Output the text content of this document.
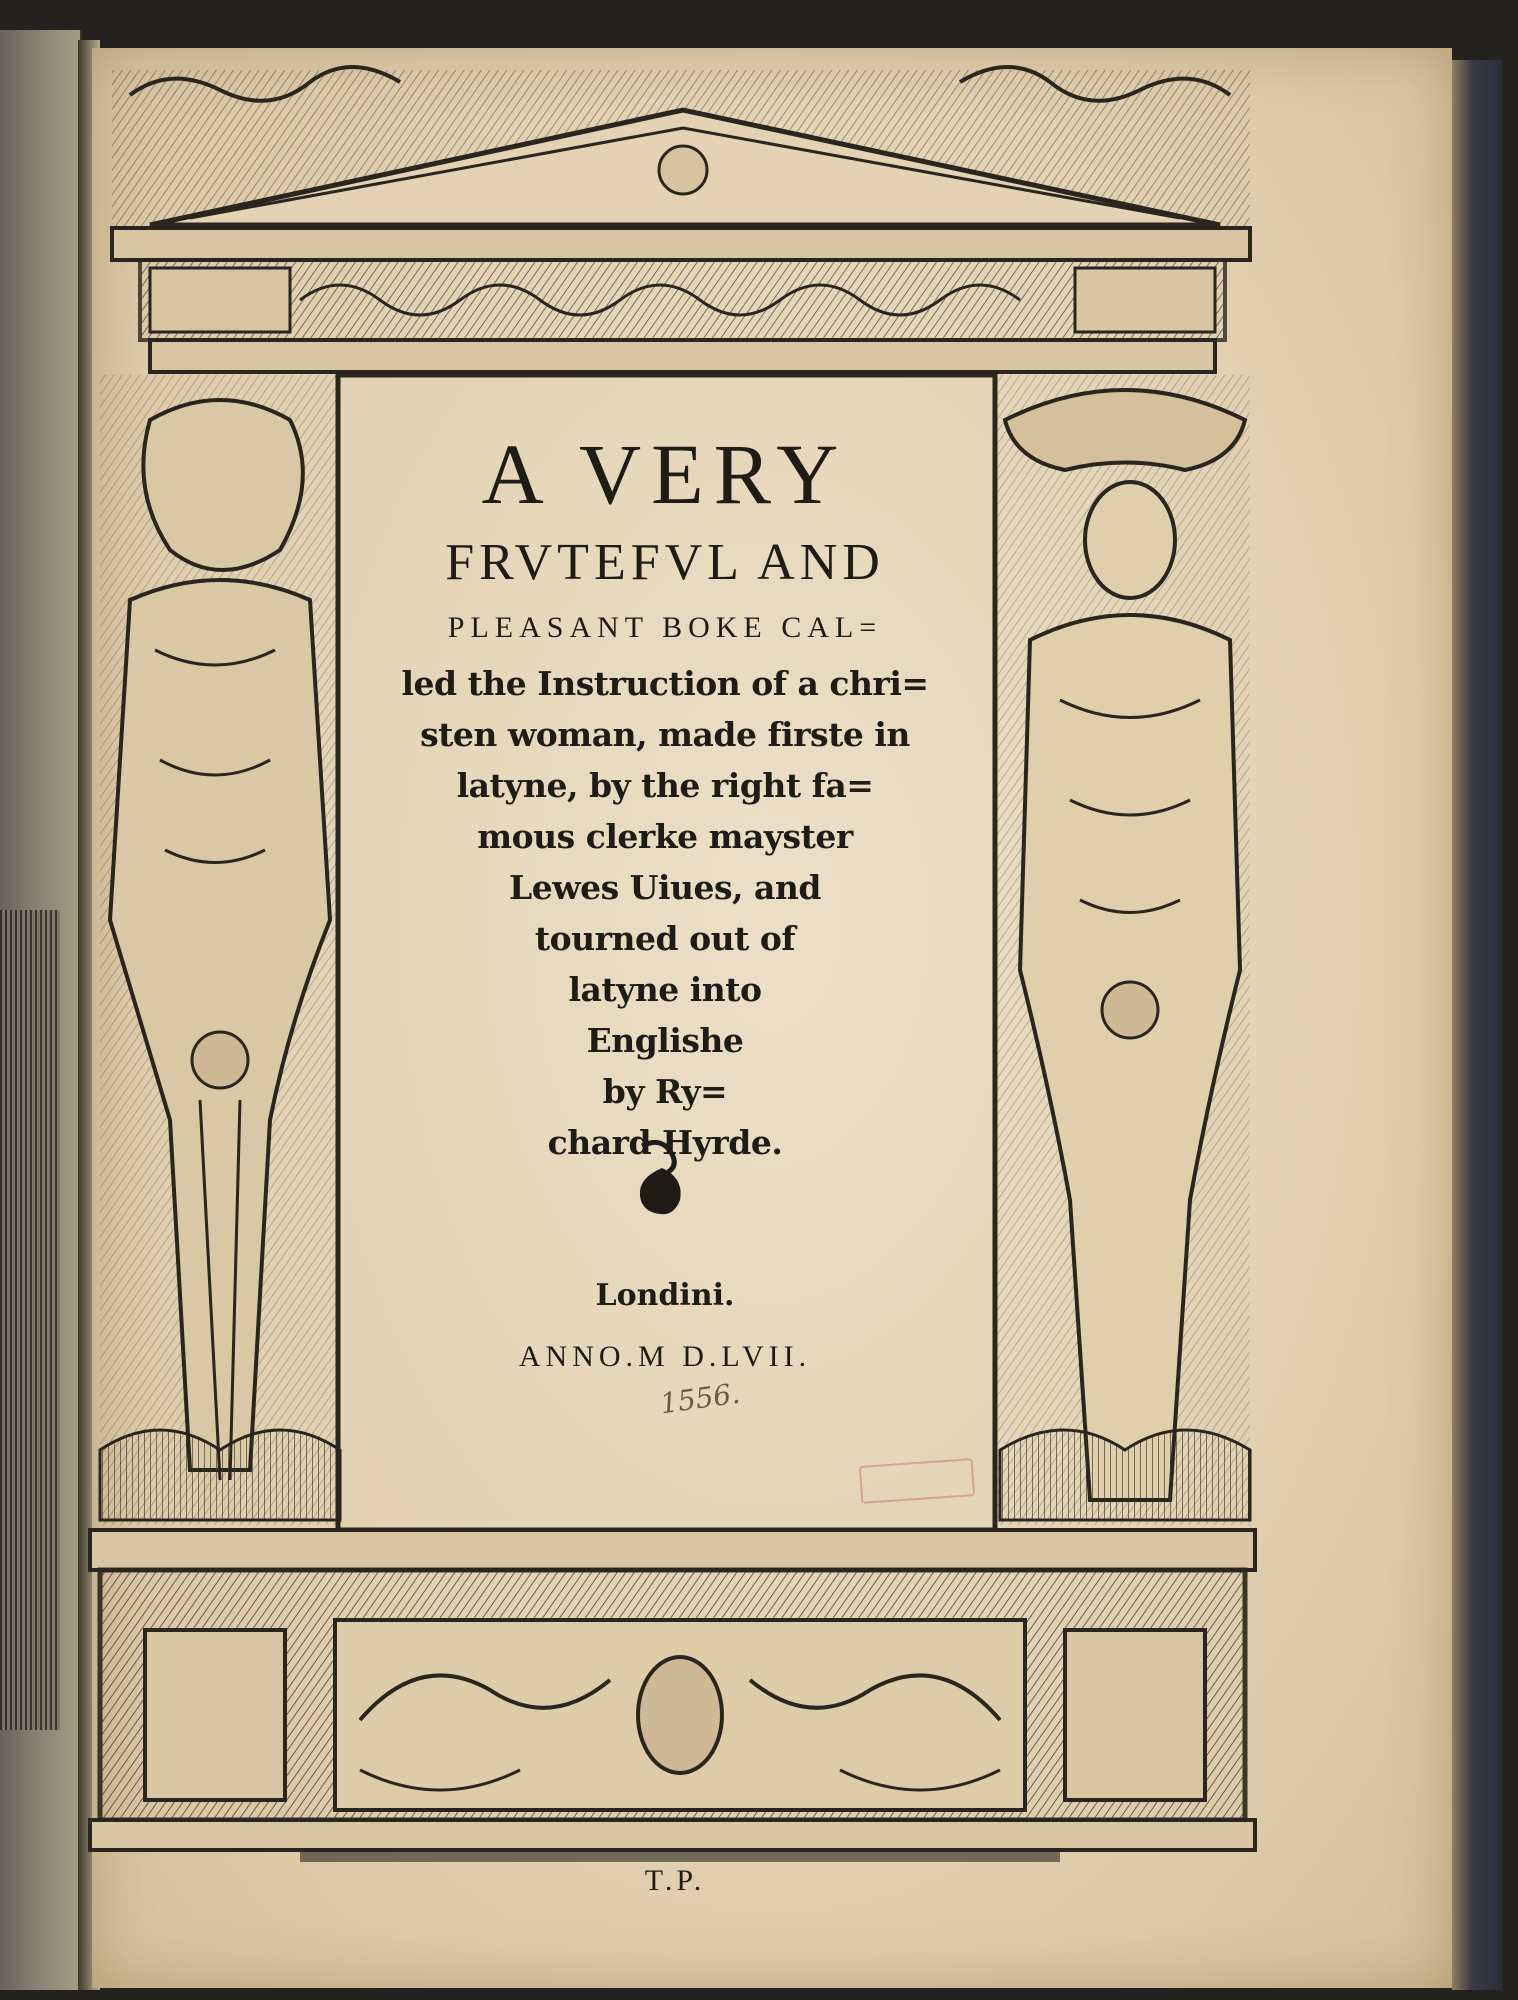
A VERY
FRVTEFVL AND
PLEASANT BOKE CAL=
led the Instruction of a chri=
sten woman, made firste in
latyne, by the right fa=
mous clerke mayster
Lewes Uiues, and
tourned out of
latyne into
Englishe
by Ry=
chard Hyrde.
Londini.
ANNO.M D.LVII.
1556.
T.P.
